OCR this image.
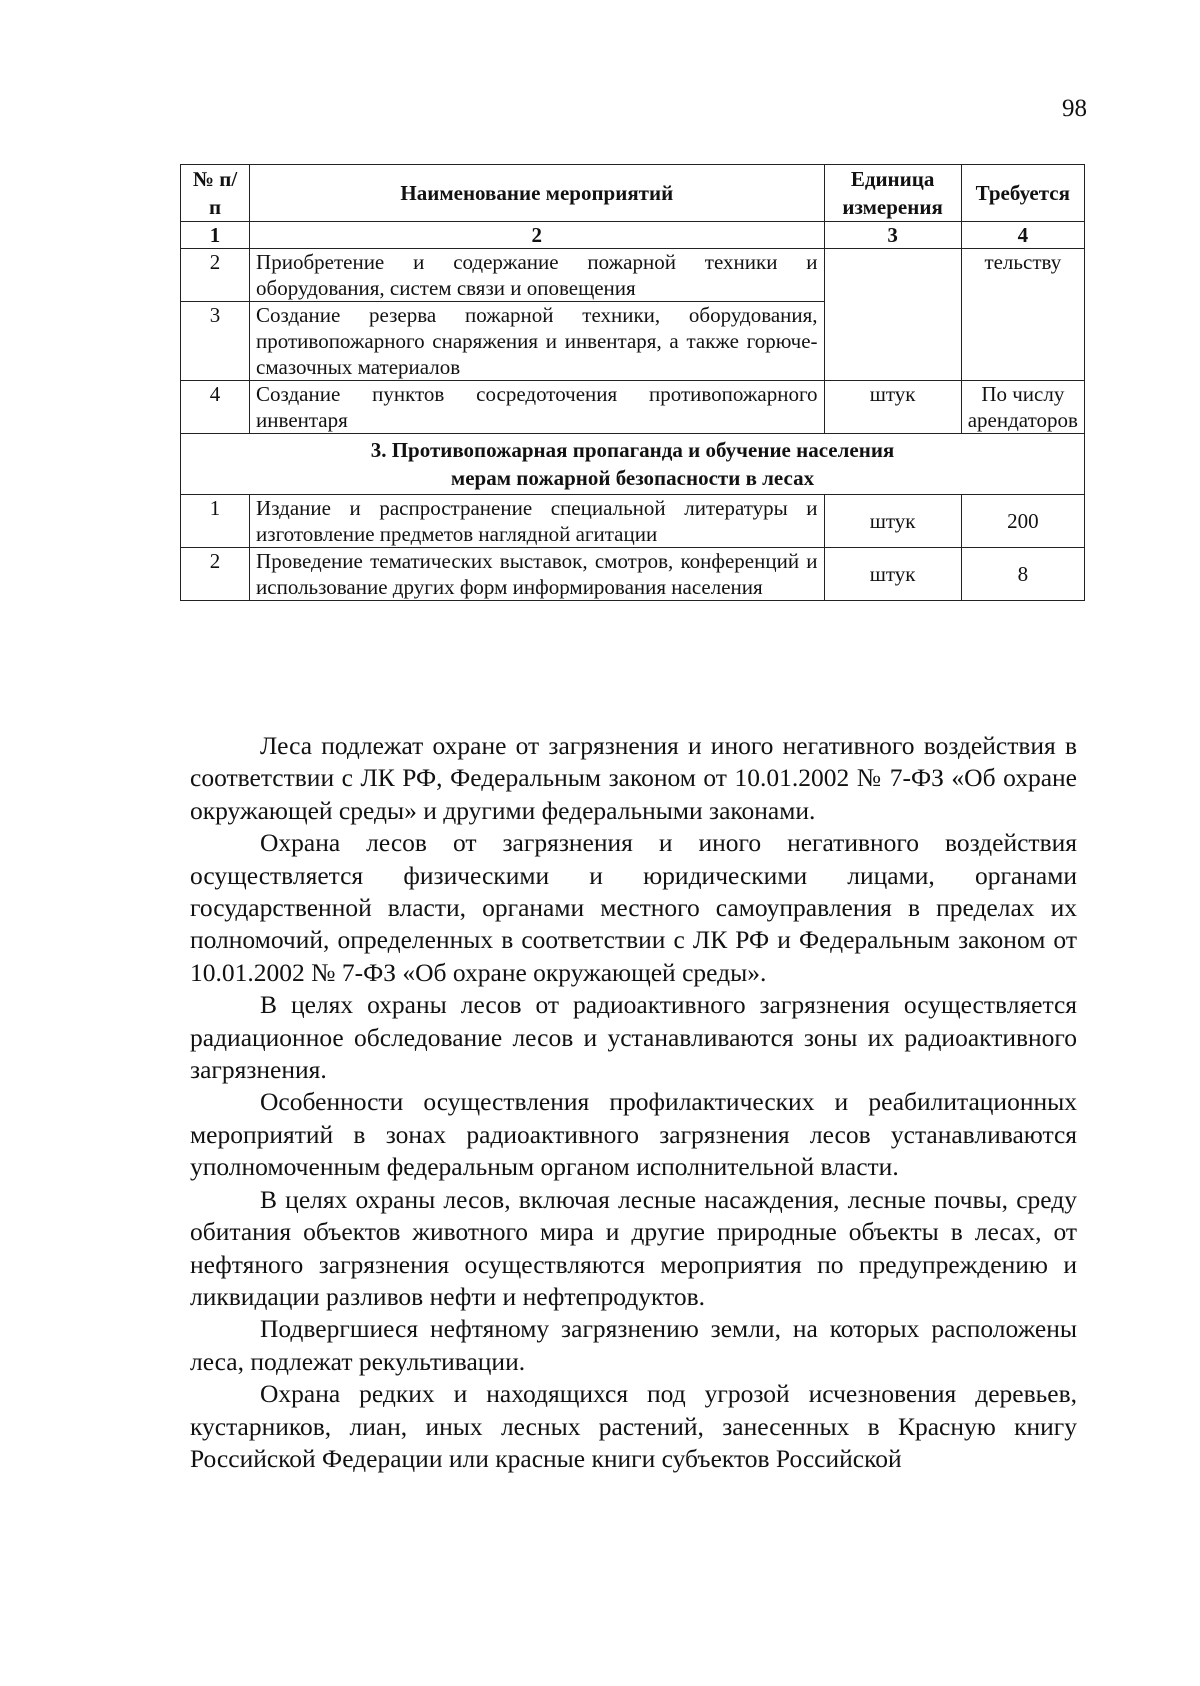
98
№ п/п	Наименование мероприятий	Единица измерения	Требуется
1	2	3	4
2	Приобретение и содержание пожарной техники и оборудования, систем связи и оповещения		тельству
3	Создание резерва пожарной техники, оборудования, противопожарного снаряжения и инвентаря, а также горюче-смазочных материалов		
4	Создание пунктов сосредоточения противопожарного инвентаря	штук	По числу арендаторов
3. Противопожарная пропаганда и обучение населения мерам пожарной безопасности в лесах			
1	Издание и распространение специальной литературы и изготовление предметов наглядной агитации	штук	200
2	Проведение тематических выставок, смотров, конференций и использование других форм информирования населения	штук	8

Леса подлежат охране от загрязнения и иного негативного воздействия в соответствии с ЛК РФ, Федеральным законом от 10.01.2002 № 7-ФЗ «Об охране окружающей среды» и другими федеральными законами.

Охрана лесов от загрязнения и иного негативного воздействия осуществляется физическими и юридическими лицами, органами государственной власти, органами местного самоуправления в пределах их полномочий, определенных в соответствии с ЛК РФ и Федеральным законом от 10.01.2002 № 7-ФЗ «Об охране окружающей среды».

В целях охраны лесов от радиоактивного загрязнения осуществляется радиационное обследование лесов и устанавливаются зоны их радиоактивного загрязнения.

Особенности осуществления профилактических и реабилитационных мероприятий в зонах радиоактивного загрязнения лесов устанавливаются уполномоченным федеральным органом исполнительной власти.

В целях охраны лесов, включая лесные насаждения, лесные почвы, среду обитания объектов животного мира и другие природные объекты в лесах, от нефтяного загрязнения осуществляются мероприятия по предупреждению и ликвидации разливов нефти и нефтепродуктов.

Подвергшиеся нефтяному загрязнению земли, на которых расположены леса, подлежат рекультивации.

Охрана редких и находящихся под угрозой исчезновения деревьев, кустарников, лиан, иных лесных растений, занесенных в Красную книгу Российской Федерации или красные книги субъектов Российской
